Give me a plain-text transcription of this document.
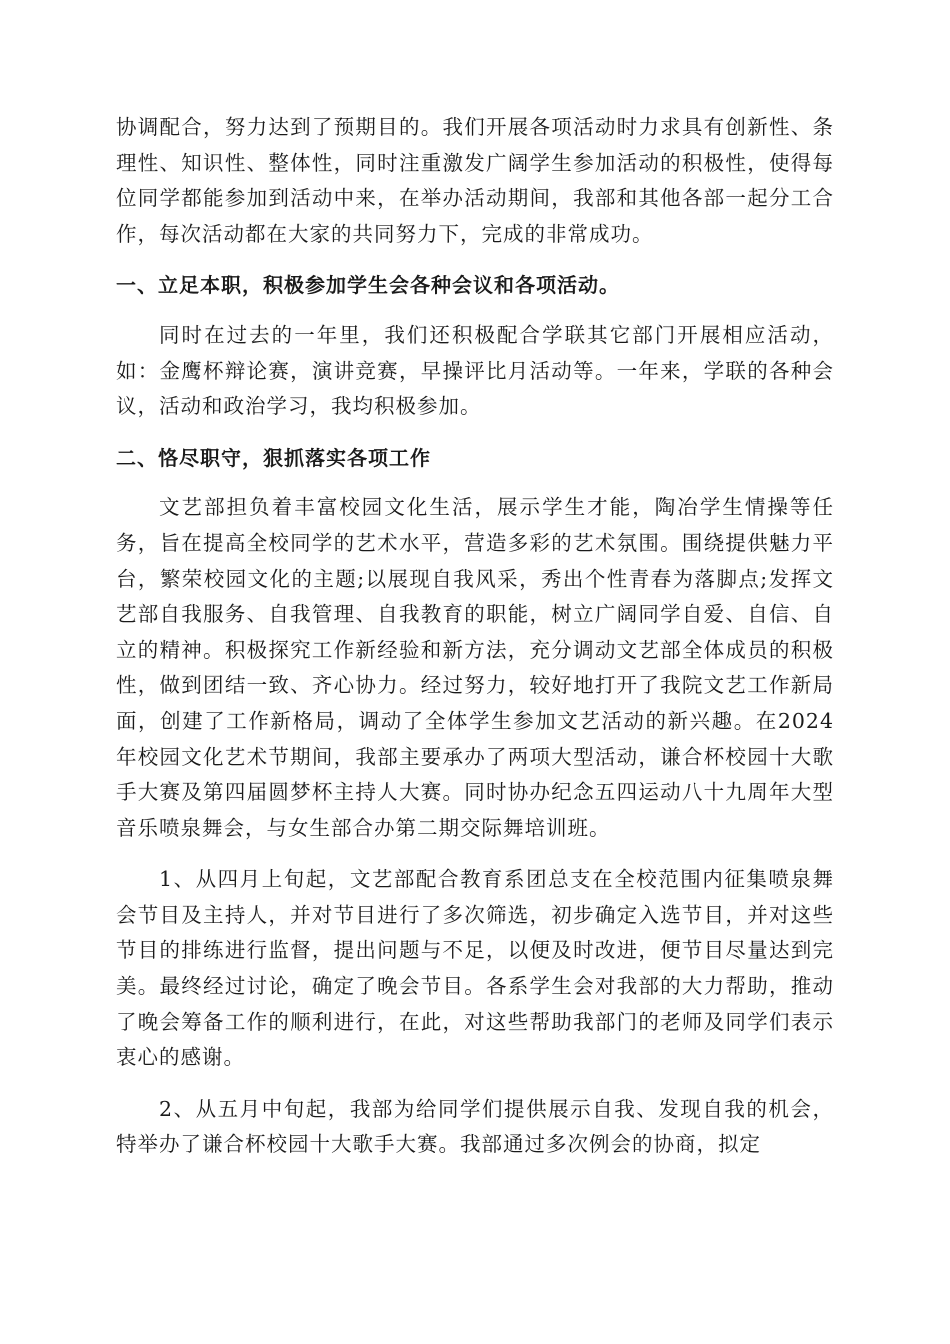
协调配合，努力达到了预期目的。我们开展各项活动时力求具有创新性、条理性、知识性、整体性，同时注重激发广阔学生参加活动的积极性，使得每位同学都能参加到活动中来，在举办活动期间，我部和其他各部一起分工合作，每次活动都在大家的共同努力下，完成的非常成功。

一、立足本职，积极参加学生会各种会议和各项活动。

同时在过去的一年里，我们还积极配合学联其它部门开展相应活动，如：金鹰杯辩论赛，演讲竞赛，早操评比月活动等。一年来，学联的各种会议，活动和政治学习，我均积极参加。

二、恪尽职守，狠抓落实各项工作

文艺部担负着丰富校园文化生活，展示学生才能，陶冶学生情操等任务，旨在提高全校同学的艺术水平，营造多彩的艺术氛围。围绕提供魅力平台，繁荣校园文化的主题;以展现自我风采，秀出个性青春为落脚点;发挥文艺部自我服务、自我管理、自我教育的职能，树立广阔同学自爱、自信、自立的精神。积极探究工作新经验和新方法，充分调动文艺部全体成员的积极性，做到团结一致、齐心协力。经过努力，较好地打开了我院文艺工作新局面，创建了工作新格局，调动了全体学生参加文艺活动的新兴趣。在2024年校园文化艺术节期间，我部主要承办了两项大型活动，谦合杯校园十大歌手大赛及第四届圆梦杯主持人大赛。同时协办纪念五四运动八十九周年大型音乐喷泉舞会，与女生部合办第二期交际舞培训班。

1、从四月上旬起，文艺部配合教育系团总支在全校范围内征集喷泉舞会节目及主持人，并对节目进行了多次筛选，初步确定入选节目，并对这些节目的排练进行监督，提出问题与不足，以便及时改进，便节目尽量达到完美。最终经过讨论，确定了晚会节目。各系学生会对我部的大力帮助，推动了晚会筹备工作的顺利进行，在此，对这些帮助我部门的老师及同学们表示衷心的感谢。

2、从五月中旬起，我部为给同学们提供展示自我、发现自我的机会，特举办了谦合杯校园十大歌手大赛。我部通过多次例会的协商，拟定
